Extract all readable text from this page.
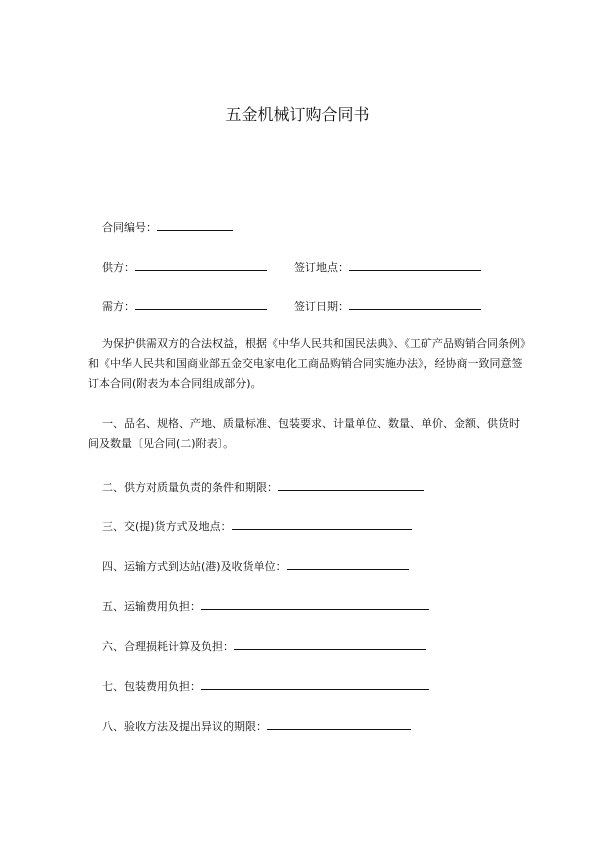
五金机械订购合同书
合同编号：
供方：	签订地点：
需方：	签订日期：
为保护供需双方的合法权益，根据《中华人民共和国民法典》、《工矿产品购销合同条例》和《中华人民共和国商业部五金交电家电化工商品购销合同实施办法》，经协商一致同意签订本合同(附表为本合同组成部分)。
一、品名、规格、产地、质量标准、包装要求、计量单位、数量、单价、金额、供货时间及数量〔见合同(二)附表〕。
二、供方对质量负责的条件和期限：
三、交(提)货方式及地点：
四、运输方式到达站(港)及收货单位：
五、运输费用负担：
六、合理损耗计算及负担：
七、包装费用负担：
八、验收方法及提出异议的期限：
